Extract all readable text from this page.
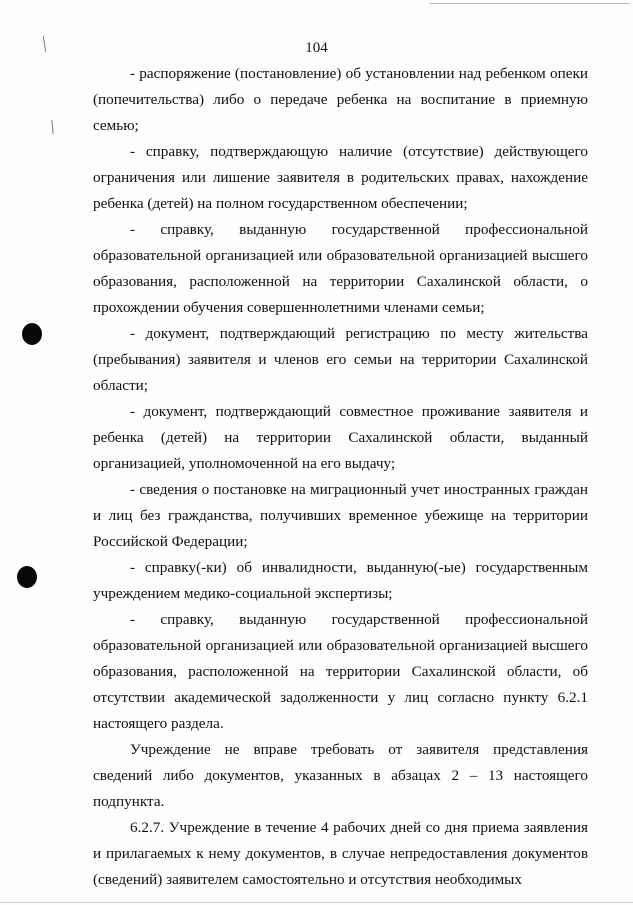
104

- распоряжение (постановление) об установлении над ребенком опеки (попечительства) либо о передаче ребенка на воспитание в приемную семью;

- справку, подтверждающую наличие (отсутствие) действующего ограничения или лишение заявителя в родительских правах, нахождение ребенка (детей) на полном государственном обеспечении;

- справку, выданную государственной профессиональной образовательной организацией или образовательной организацией высшего образования, расположенной на территории Сахалинской области, о прохождении обучения совершеннолетними членами семьи;

- документ, подтверждающий регистрацию по месту жительства (пребывания) заявителя и членов его семьи на территории Сахалинской области;

- документ, подтверждающий совместное проживание заявителя и ребенка (детей) на территории Сахалинской области, выданный организацией, уполномоченной на его выдачу;

- сведения о постановке на миграционный учет иностранных граждан и лиц без гражданства, получивших временное убежище на территории Российской Федерации;

- справку(-ки) об инвалидности, выданную(-ые) государственным учреждением медико-социальной экспертизы;

- справку, выданную государственной профессиональной образовательной организацией или образовательной организацией высшего образования, расположенной на территории Сахалинской области, об отсутствии академической задолженности у лиц согласно пункту 6.2.1 настоящего раздела.

Учреждение не вправе требовать от заявителя представления сведений либо документов, указанных в абзацах 2 – 13 настоящего подпункта.

6.2.7. Учреждение в течение 4 рабочих дней со дня приема заявления и прилагаемых к нему документов, в случае непредоставления документов (сведений) заявителем самостоятельно и отсутствия необходимых
